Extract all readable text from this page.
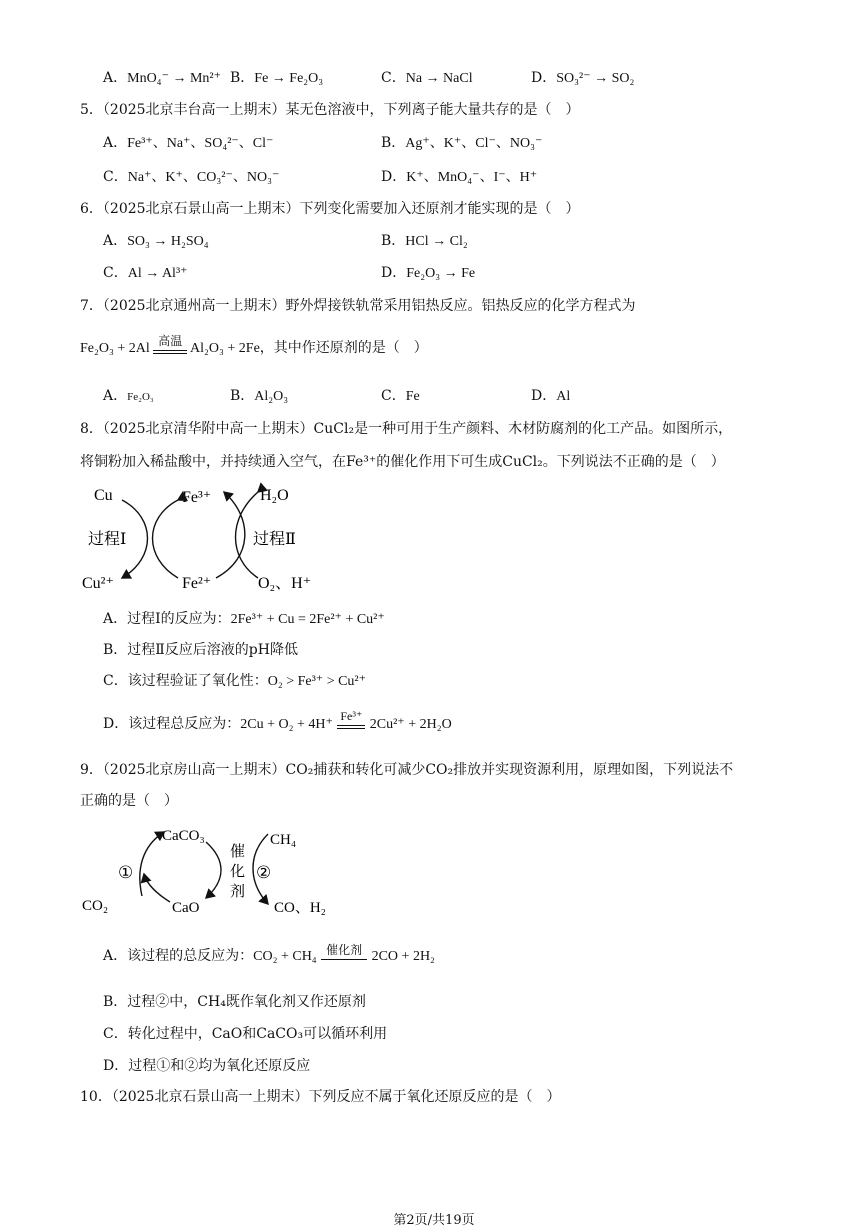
A．MnO₄⁻ → Mn²⁺ B．Fe → Fe₂O₃	C．Na → NaCl	D．SO₃²⁻ → SO₂
5．（2025北京丰台高一上期末）某无色溶液中，下列离子能大量共存的是（　）
A．Fe³⁺、Na⁺、SO₄²⁻、Cl⁻	B．Ag⁺、K⁺、Cl⁻、NO₃⁻
C．Na⁺、K⁺、CO₃²⁻、NO₃⁻	D．K⁺、MnO₄⁻、I⁻、H⁺
6．（2025北京石景山高一上期末）下列变化需要加入还原剂才能实现的是（　）
A．SO₃ → H₂SO₄	B．HCl → Cl₂
C．Al → Al³⁺	D．Fe₂O₃ → Fe
7．（2025北京通州高一上期末）野外焊接铁轨常采用铝热反应。铝热反应的化学方程式为
Fe₂O₃ + 2Al
高温
Al₂O₃ + 2Fe，其中作还原剂的是（　）
A．Fe₂O₃	B．Al₂O₃	C．Fe	D．Al
8．（2025北京清华附中高一上期末）CuCl₂是一种可用于生产颜料、木材防腐剂的化工产品。如图所示，
将铜粉加入稀盐酸中，并持续通入空气，在Fe³⁺的催化作用下可生成CuCl₂。下列说法不正确的是（　）
Cu
Cu²⁺
Fe³⁺
Fe²⁺
H₂O
O₂、H⁺
过程Ⅰ	过程Ⅱ
A．过程Ⅰ的反应为：2Fe³⁺ + Cu = 2Fe²⁺ + Cu²⁺
B．过程Ⅱ反应后溶液的pH降低
C．该过程验证了氧化性：O₂ > Fe³⁺ > Cu²⁺
D．该过程总反应为：2Cu + O₂ + 4H⁺
Fe³⁺
2Cu²⁺ + 2H₂O
9．（2025北京房山高一上期末）CO₂捕获和转化可减少CO₂排放并实现资源利用，原理如图，下列说法不
正确的是（　）
CaCO₃
CaO
CO₂
CH₄
CO、H₂
①	②
催
化
剂
A．该过程的总反应为：CO₂ + CH₄ 催化剂 2CO + 2H₂
B．过程②中，CH₄既作氧化剂又作还原剂
C．转化过程中，CaO和CaCO₃可以循环利用
D．过程①和②均为氧化还原反应
10．（2025北京石景山高一上期末）下列反应不属于氧化还原反应的是（　）
第2页/共19页
